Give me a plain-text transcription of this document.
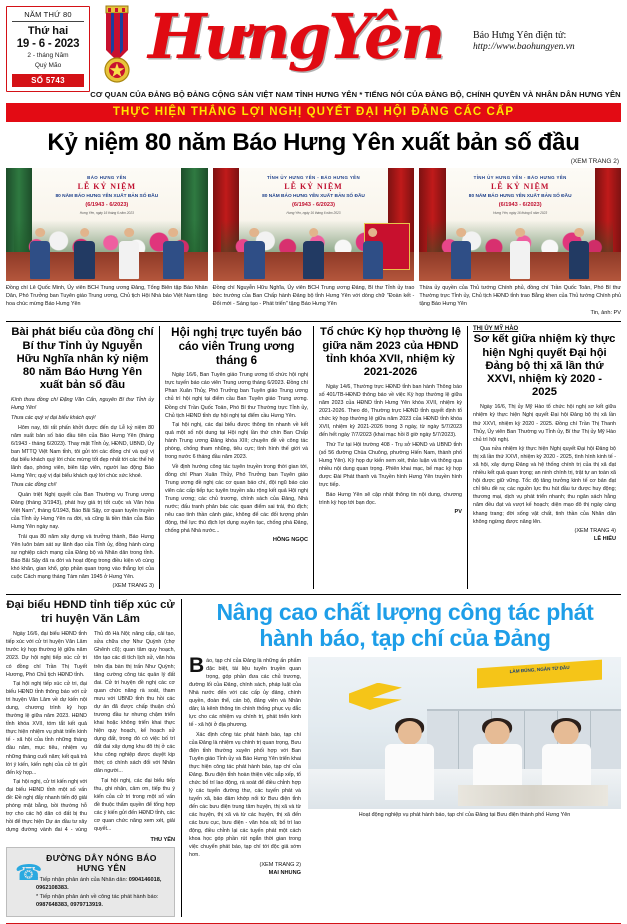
NĂM THỨ 80
Thứ hai
19 - 6 - 2023
2 - tháng Năm
Quý Mão
SỐ 5743
HưngYên	Báo Hưng Yên điện tử:
http://www.baohungyen.vn
CƠ QUAN CỦA ĐẢNG BỘ ĐẢNG CỘNG SẢN VIỆT NAM TỈNH HƯNG YÊN * TIẾNG NÓI CỦA ĐẢNG BỘ, CHÍNH QUYỀN VÀ NHÂN DÂN HƯNG YÊN
THỰC HIỆN THẮNG LỢI NGHỊ QUYẾT ĐẠI HỘI ĐẢNG CÁC CẤP
Kỷ niệm 80 năm Báo Hưng Yên xuất bản số đầu
(XEM TRANG 2)
BÁO HƯNG YÊN
LỄ KỶ NIỆM
80 NĂM BÁO HƯNG YÊN XUẤT BẢN SỐ ĐẦU
(6/1943 - 6/2023)
Hưng Yên, ngày 16 tháng 6 năm 2023
Đồng chí Lê Quốc Minh, Ủy viên BCH Trung ương Đảng, Tổng Biên tập Báo Nhân Dân, Phó Trưởng ban Tuyên giáo Trung ương, Chủ tịch Hội Nhà báo Việt Nam tặng hoa chúc mừng Báo Hưng Yên
TỈNH ỦY HƯNG YÊN - BÁO HƯNG YÊN
LỄ KỶ NIỆM
80 NĂM BÁO HƯNG YÊN XUẤT BẢN SỐ ĐẦU
(6/1943 - 6/2023)
Hưng Yên, ngày 16 tháng 6 năm 2023
Đồng chí Nguyễn Hữu Nghĩa, Ủy viên BCH Trung ương Đảng, Bí thư Tỉnh ủy trao bức trướng của Ban Chấp hành Đảng bộ tỉnh Hưng Yên với dòng chữ "Đoàn kết - Đổi mới - Sáng tạo - Phát triển" tặng Báo Hưng Yên
TỈNH ỦY HƯNG YÊN - BÁO HƯNG YÊN
LỄ KỶ NIỆM
80 NĂM BÁO HƯNG YÊN XUẤT BẢN SỐ ĐẦU
(6/1943 - 6/2023)
Hưng Yên, ngày 16 tháng 6 năm 2023
Thừa ủy quyền của Thủ tướng Chính phủ, đồng chí Trần Quốc Toản, Phó Bí thư Thường trực Tỉnh ủy, Chủ tịch HĐND tỉnh trao Bằng khen của Thủ tướng Chính phủ tặng Báo Hưng Yên
Tin, ảnh: PV
Bài phát biểu của đồng chí Bí thư Tỉnh ủy Nguyễn Hữu Nghĩa nhân kỷ niệm 80 năm Báo Hưng Yên xuất bản số đầu

Kính thưa đồng chí Đặng Văn Cẩn, nguyên Bí thư Tỉnh ủy Hưng Yên!

Thưa các quý vị đại biểu khách quý!

Hôm nay, tôi rất phấn khởi được đến dự Lễ kỷ niệm 80 năm xuất bản số báo đầu tiên của Báo Hưng Yên (tháng 6/1943 - tháng 6/2023). Thay mặt Tỉnh ủy, HĐND, UBND, Ủy ban MTTQ Việt Nam tỉnh, tôi gửi tới các đồng chí và quý vị đại biểu khách quý lời chúc mừng tốt đẹp nhất tới các thế hệ lãnh đạo, phóng viên, biên tập viên, người lao động Báo Hưng Yên; quý vị đại biểu khách quý lời chúc sức khoẻ.

Thưa các đồng chí!

Quán triệt Nghị quyết của Ban Thường vụ Trung ương Đảng (tháng 3/1943), phát huy giá trị tốt cuộc và Văn hóa Việt Nam", tháng 6/1943, Báo Bãi Sậy, cơ quan tuyên truyền của Tỉnh ủy Hưng Yên ra đời, và cũng là tiền thân của Báo Hưng Yên ngày nay.

Trải qua 80 năm xây dựng và trưởng thành, Báo Hưng Yên luôn bám sát sự lãnh đạo của Tỉnh ủy, đồng hành cùng sự nghiệp cách mạng của Đảng bộ và Nhân dân trong tỉnh. Báo Bãi Sậy đã ra đời và hoạt động trong điều kiện vô cùng khó khăn, gian khổ, góp phần quan trọng vào thắng lợi của cuộc Cách mạng tháng Tám năm 1945 ở Hưng Yên.

(XEM TRANG 3)
Hội nghị trực tuyến báo cáo viên Trung ương tháng 6

Ngày 16/6, Ban Tuyên giáo Trung ương tổ chức hội nghị trực tuyến báo cáo viên Trung ương tháng 6/2023. Đồng chí Phan Xuân Thủy, Phó Trưởng ban Tuyên giáo Trung ương chủ trì hội nghị tại điểm cầu Ban Tuyên giáo Trung ương. Đồng chí Trần Quốc Toản, Phó Bí thư Thường trực Tỉnh ủy, Chủ tịch HĐND tỉnh dự hội nghị tại điểm cầu Hưng Yên.

Tại hội nghị, các đại biểu được thông tin nhanh về kết quả một số nội dung tại Hội nghị lần thứ chín Ban Chấp hành Trung ương Đảng khóa XIII; chuyên đề về công tác phòng, chống tham nhũng, tiêu cực; tình hình thế giới và trong nước 6 tháng đầu năm 2023.

Về định hướng công tác tuyên truyền trong thời gian tới, đồng chí Phan Xuân Thủy, Phó Trưởng ban Tuyên giáo Trung ương đề nghị các cơ quan báo chí, đội ngũ báo cáo viên các cấp tiếp tục tuyên truyền sâu rộng kết quả Hội nghị Trung ương; các chủ trương, chính sách của Đảng, Nhà nước; đấu tranh phản bác các quan điểm sai trái, thù địch; nêu cao tinh thần cảnh giác, không để các đối tượng phản động, thế lực thù địch lợi dụng xuyên tạc, chống phá Đảng, chống phá Nhà nước...

HỒNG NGỌC
Tổ chức Kỳ họp thường lệ giữa năm 2023 của HĐND tỉnh khóa XVII, nhiệm kỳ 2021-2026

Ngày 14/6, Thường trực HĐND tỉnh ban hành Thông báo số 401/TB-HĐND thông báo về việc Kỳ họp thường lệ giữa năm 2023 của HĐND tỉnh Hưng Yên khóa XVII, nhiệm kỳ 2021-2026. Theo đó, Thường trực HĐND tỉnh quyết định tổ chức kỳ họp thường lệ giữa năm 2023 của HĐND tỉnh khóa XVII, nhiệm kỳ 2021-2026 trong 3 ngày, từ ngày 5/7/2023 đến hết ngày 7/7/2023 (khai mạc hồi 8 giờ ngày 5/7/2023).

Thứ Tư tại Hội trường 408 - Trụ sở HĐND và UBND tỉnh (số 56 đường Chùa Chuông, phường Hiến Nam, thành phố Hưng Yên). Kỳ họp dự kiến xem xét, thảo luận và thông qua nhiều nội dung quan trọng. Phiên khai mạc, bế mạc kỳ họp được Đài Phát thanh và Truyền hình Hưng Yên truyền hình trực tiếp.

Báo Hưng Yên sẽ cập nhật thông tin nội dung, chương trình kỳ họp tới bạn đọc.

PV
THỊ ỦY MỸ HÀO
Sơ kết giữa nhiệm kỳ thực hiện Nghị quyết Đại hội Đảng bộ thị xã lần thứ XXVI, nhiệm kỳ 2020 - 2025

Ngày 16/6, Thị ủy Mỹ Hào tổ chức hội nghị sơ kết giữa nhiệm kỳ thực hiện Nghị quyết Đại hội Đảng bộ thị xã lần thứ XXVI, nhiệm kỳ 2020 - 2025. Đồng chí Trần Thị Thanh Thủy, Ủy viên Ban Thường vụ Tỉnh ủy, Bí thư Thị ủy Mỹ Hào chủ trì hội nghị.

Qua nửa nhiệm kỳ thực hiện Nghị quyết Đại hội Đảng bộ thị xã lần thứ XXVI, nhiệm kỳ 2020 - 2025, tình hình kinh tế - xã hội, xây dựng Đảng và hệ thống chính trị của thị xã đạt nhiều kết quả quan trọng; an ninh chính trị, trật tự an toàn xã hội được giữ vững. Tốc độ tăng trưởng kinh tế cơ bản đạt chỉ tiêu đề ra; các nguồn lực thu hút đầu tư được huy động; thương mại, dịch vụ phát triển nhanh; thu ngân sách hằng năm đều đạt và vượt kế hoạch; diện mạo đô thị ngày càng khang trang; đời sống vật chất, tinh thần của Nhân dân không ngừng được nâng lên.

(XEM TRANG 4)
LÊ HIẾU
Đại biểu HĐND tỉnh tiếp xúc cử tri huyện Văn Lâm

Ngày 16/6, đại biểu HĐND tỉnh tiếp xúc với cử tri huyện Văn Lâm trước kỳ họp thường lệ giữa năm 2023. Dự hội nghị tiếp xúc cử tri có đồng chí Trần Thị Tuyết Hương, Phó Chủ tịch HĐND tỉnh.

Tại hội nghị tiếp xúc cử tri, đại biểu HĐND tỉnh thông báo với cử tri huyện Văn Lâm về dự kiến nội dung, chương trình kỳ họp thường lệ giữa năm 2023. HĐND tỉnh khóa XVII, tóm tắt kết quả thực hiện nhiệm vụ phát triển kinh tế - xã hội của tỉnh những tháng đầu năm, mục tiêu, nhiệm vụ những tháng cuối năm; kết quả trả lời ý kiến, kiến nghị của cử tri gửi đến kỳ họp...

Tại hội nghị, cử tri kiến nghị với đại biểu HĐND tỉnh một số vấn đề: Đề nghị đẩy nhanh tiến độ giải phóng mặt bằng, bồi thường hỗ trợ cho các hộ dân có đất bị thu hồi để thực hiện Dự án đầu tư xây dựng đường vành đai 4 - vùng Thủ đô Hà Nội; nâng cấp, cải tạo, sửa chữa chợ Như Quỳnh (chợ Ghênh cũ); quan tâm quy hoạch, tôn tạo các di tích lịch sử, văn hóa trên địa bàn thị trấn Như Quỳnh; tăng cường công tác quản lý đất đai. Cử tri huyện đề nghị các cơ quan chức năng rà soát, tham mưu với UBND tỉnh thu hồi các dự án đã được chấp thuận chủ trương đầu tư nhưng chậm triển khai hoặc không triển khai thực hiện quy hoạch, kế hoạch sử dụng đất, trong đó có việc bố trí đất đai xây dựng khu đô thị ở các khu công nghiệp được duyệt kịp thời; có chính sách đối với Nhân dân người...

Tại hội nghị, các đại biểu tiếp thu, ghi nhận, cảm ơn, tiếp thu ý kiến của cử tri trong một số vấn đề thuộc thẩm quyền để tổng hợp các ý kiến gửi đến HĐND tỉnh, các cơ quan chức năng xem xét, giải quyết...

THU YẾN
☎
ĐƯỜNG DÂY NÓNG BÁO HƯNG YÊN
* Tiếp nhận phản ánh của Nhân dân: 0904146018, 0962108383.
* Tiếp nhận phản ánh về công tác phát hành báo: 0987648383, 0979713919.
Nâng cao chất lượng công tác phát hành báo, tạp chí của Đảng

Báo, tạp chí của Đảng là những ấn phẩm đặc biệt, tài liệu tuyên truyền quan trọng, góp phần đưa các chủ trương, đường lối của Đảng, chính sách, pháp luật của Nhà nước đến với các cấp ủy đảng, chính quyền, đoàn thể, cán bộ, đảng viên và Nhân dân; là kênh thông tin chính thống phục vụ đắc lực cho các nhiệm vụ chính trị, phát triển kinh tế - xã hội ở địa phương.

Xác định công tác phát hành báo, tạp chí của Đảng là nhiệm vụ chính trị quan trọng, Bưu điện tỉnh thường xuyên phối hợp với Ban Tuyên giáo Tỉnh ủy và Báo Hưng Yên triển khai thực hiện công tác phát hành báo, tạp chí của Đảng. Bưu điện tỉnh hoàn thiện việc sắp xếp, tổ chức bố trí lao động, rà soát để điều chỉnh hợp lý các tuyến đường thư, các tuyến phát và tuyến xã, bảo đảm khớp nối từ Bưu điện tỉnh đến các bưu điện trung tâm huyện, thị xã và từ các huyện, thị xã và từ các huyện, thị xã đến các bưu cục, bưu điện - văn hóa xã; bố trí lao động, điều chỉnh lại các tuyến phát một cách khoa học góp phần rút ngắn thời gian trong việc chuyển phát báo, tạp chí tới độc giả sớm hơn.

(XEM TRANG 2)
MAI NHUNG
LÀM ĐÚNG, NGẮN TỪ ĐẦU
Hoạt động nghiệp vụ phát hành báo, tạp chí của Đảng tại Bưu điện thành phố Hưng Yên
